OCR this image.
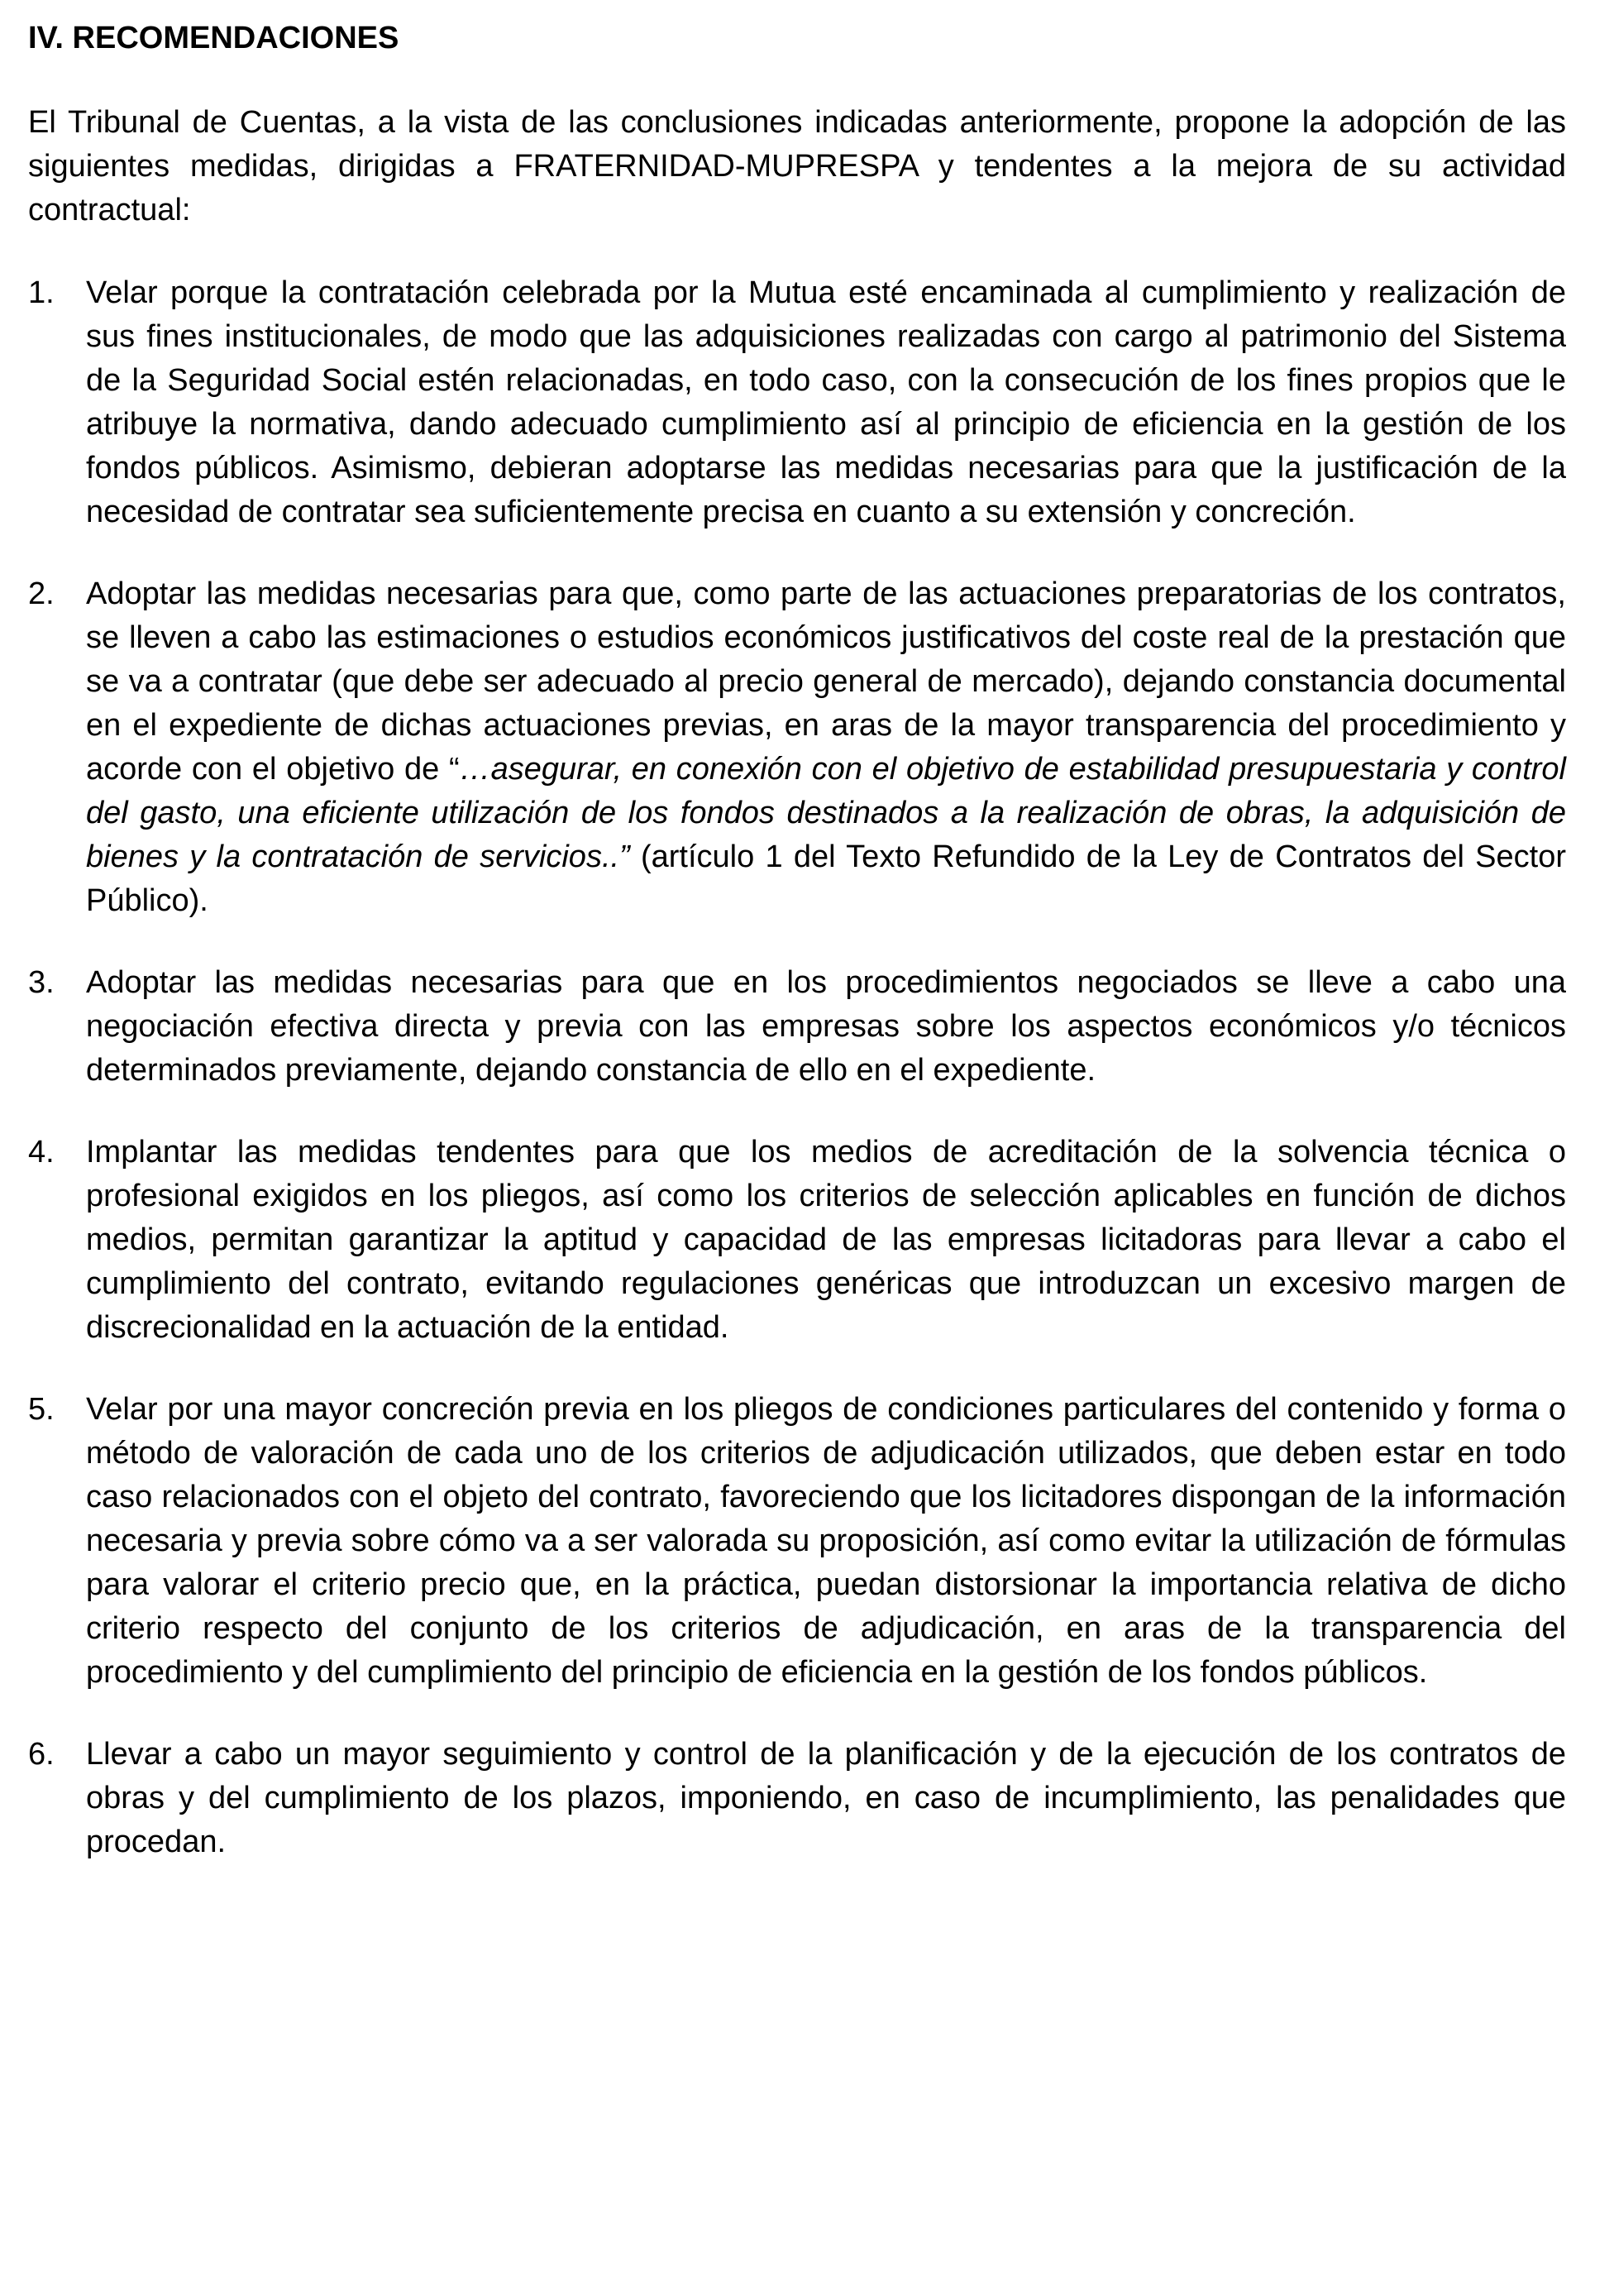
IV. RECOMENDACIONES

El Tribunal de Cuentas, a la vista de las conclusiones indicadas anteriormente, propone la adopción de las siguientes medidas, dirigidas a FRATERNIDAD-MUPRESPA y tendentes a la mejora de su actividad contractual:

1. Velar porque la contratación celebrada por la Mutua esté encaminada al cumplimiento y realización de sus fines institucionales, de modo que las adquisiciones realizadas con cargo al patrimonio del Sistema de la Seguridad Social estén relacionadas, en todo caso, con la consecución de los fines propios que le atribuye la normativa, dando adecuado cumplimiento así al principio de eficiencia en la gestión de los fondos públicos. Asimismo, debieran adoptarse las medidas necesarias para que la justificación de la necesidad de contratar sea suficientemente precisa en cuanto a su extensión y concreción.
2. Adoptar las medidas necesarias para que, como parte de las actuaciones preparatorias de los contratos, se lleven a cabo las estimaciones o estudios económicos justificativos del coste real de la prestación que se va a contratar (que debe ser adecuado al precio general de mercado), dejando constancia documental en el expediente de dichas actuaciones previas, en aras de la mayor transparencia del procedimiento y acorde con el objetivo de “…asegurar, en conexión con el objetivo de estabilidad presupuestaria y control del gasto, una eficiente utilización de los fondos destinados a la realización de obras, la adquisición de bienes y la contratación de servicios..” (artículo 1 del Texto Refundido de la Ley de Contratos del Sector Público).
3. Adoptar las medidas necesarias para que en los procedimientos negociados se lleve a cabo una negociación efectiva directa y previa con las empresas sobre los aspectos económicos y/o técnicos determinados previamente, dejando constancia de ello en el expediente.
4. Implantar las medidas tendentes para que los medios de acreditación de la solvencia técnica o profesional exigidos en los pliegos, así como los criterios de selección aplicables en función de dichos medios, permitan garantizar la aptitud y capacidad de las empresas licitadoras para llevar a cabo el cumplimiento del contrato, evitando regulaciones genéricas que introduzcan un excesivo margen de discrecionalidad en la actuación de la entidad.
5. Velar por una mayor concreción previa en los pliegos de condiciones particulares del contenido y forma o método de valoración de cada uno de los criterios de adjudicación utilizados, que deben estar en todo caso relacionados con el objeto del contrato, favoreciendo que los licitadores dispongan de la información necesaria y previa sobre cómo va a ser valorada su proposición, así como evitar la utilización de fórmulas para valorar el criterio precio que, en la práctica, puedan distorsionar la importancia relativa de dicho criterio respecto del conjunto de los criterios de adjudicación, en aras de la transparencia del procedimiento y del cumplimiento del principio de eficiencia en la gestión de los fondos públicos.
6. Llevar a cabo un mayor seguimiento y control de la planificación y de la ejecución de los contratos de obras y del cumplimiento de los plazos, imponiendo, en caso de incumplimiento, las penalidades que procedan.
